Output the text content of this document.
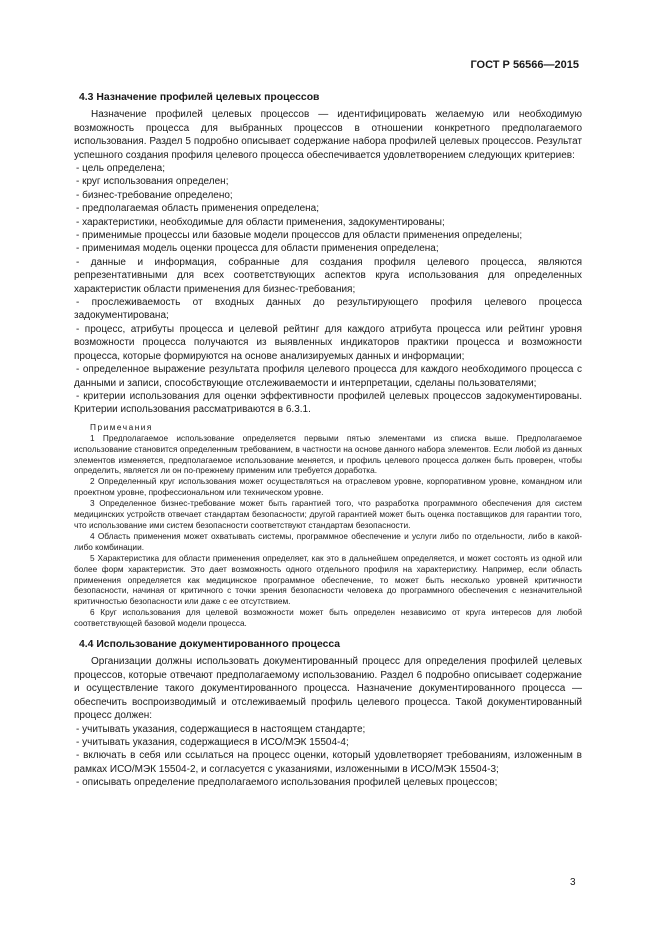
ГОСТ Р 56566—2015
4.3 Назначение профилей целевых процессов

Назначение профилей целевых процессов — идентифицировать желаемую или необходимую возможность процесса для выбранных процессов в отношении конкретного предполагаемого использования. Раздел 5 подробно описывает содержание набора профилей целевых процессов. Результат успешного создания профиля целевого процесса обеспечивается удовлетворением следующих критериев:

- цель определена;

- круг использования определен;

- бизнес-требование определено;

- предполагаемая область применения определена;

- характеристики, необходимые для области применения, задокументированы;

- применимые процессы или базовые модели процессов для области применения определены;

- применимая модель оценки процесса для области применения определена;

- данные и информация, собранные для создания профиля целевого процесса, являются репрезентативными для всех соответствующих аспектов круга использования для определенных характеристик области применения для бизнес-требования;

- прослеживаемость от входных данных до результирующего профиля целевого процесса задокументирована;

- процесс, атрибуты процесса и целевой рейтинг для каждого атрибута процесса или рейтинг уровня возможности процесса получаются из выявленных индикаторов практики процесса и возможности процесса, которые формируются на основе анализируемых данных и информации;

- определенное выражение результата профиля целевого процесса для каждого необходимого процесса с данными и записи, способствующие отслеживаемости и интерпретации, сделаны пользователями;

- критерии использования для оценки эффективности профилей целевых процессов задокументированы. Критерии использования рассматриваются в 6.3.1.

Примечания

1 Предполагаемое использование определяется первыми пятью элементами из списка выше. Предполагаемое использование становится определенным требованием, в частности на основе данного набора элементов. Если любой из данных элементов изменяется, предполагаемое использование меняется, и профиль целевого процесса должен быть проверен, чтобы определить, является ли он по-прежнему применим или требуется доработка.

2 Определенный круг использования может осуществляться на отраслевом уровне, корпоративном уровне, командном или проектном уровне, профессиональном или техническом уровне.

3 Определенное бизнес-требование может быть гарантией того, что разработка программного обеспечения для систем медицинских устройств отвечает стандартам безопасности; другой гарантией может быть оценка поставщиков для гарантии того, что использование ими систем безопасности соответствуют стандартам безопасности.

4 Область применения может охватывать системы, программное обеспечение и услуги либо по отдельности, либо в какой-либо комбинации.

5 Характеристика для области применения определяет, как это в дальнейшем определяется, и может состоять из одной или более форм характеристик. Это дает возможность одного отдельного профиля на характеристику. Например, если область применения определяется как медицинское программное обеспечение, то может быть несколько уровней критичности безопасности, начиная от критичного с точки зрения безопасности человека до программного обеспечения с незначительной критичностью безопасности или даже с ее отсутствием.

6 Круг использования для целевой возможности может быть определен независимо от круга интересов для любой соответствующей базовой модели процесса.

4.4 Использование документированного процесса

Организации должны использовать документированный процесс для определения профилей целевых процессов, которые отвечают предполагаемому использованию. Раздел 6 подробно описывает содержание и осуществление такого документированного процесса. Назначение документированного процесса — обеспечить воспроизводимый и отслеживаемый профиль целевого процесса. Такой документированный процесс должен:

- учитывать указания, содержащиеся в настоящем стандарте;

- учитывать указания, содержащиеся в ИСО/МЭК 15504-4;

- включать в себя или ссылаться на процесс оценки, который удовлетворяет требованиям, изложенным в рамках ИСО/МЭК 15504-2, и согласуется с указаниями, изложенными в ИСО/МЭК 15504-3;

- описывать определение предполагаемого использования профилей целевых процессов;

3
